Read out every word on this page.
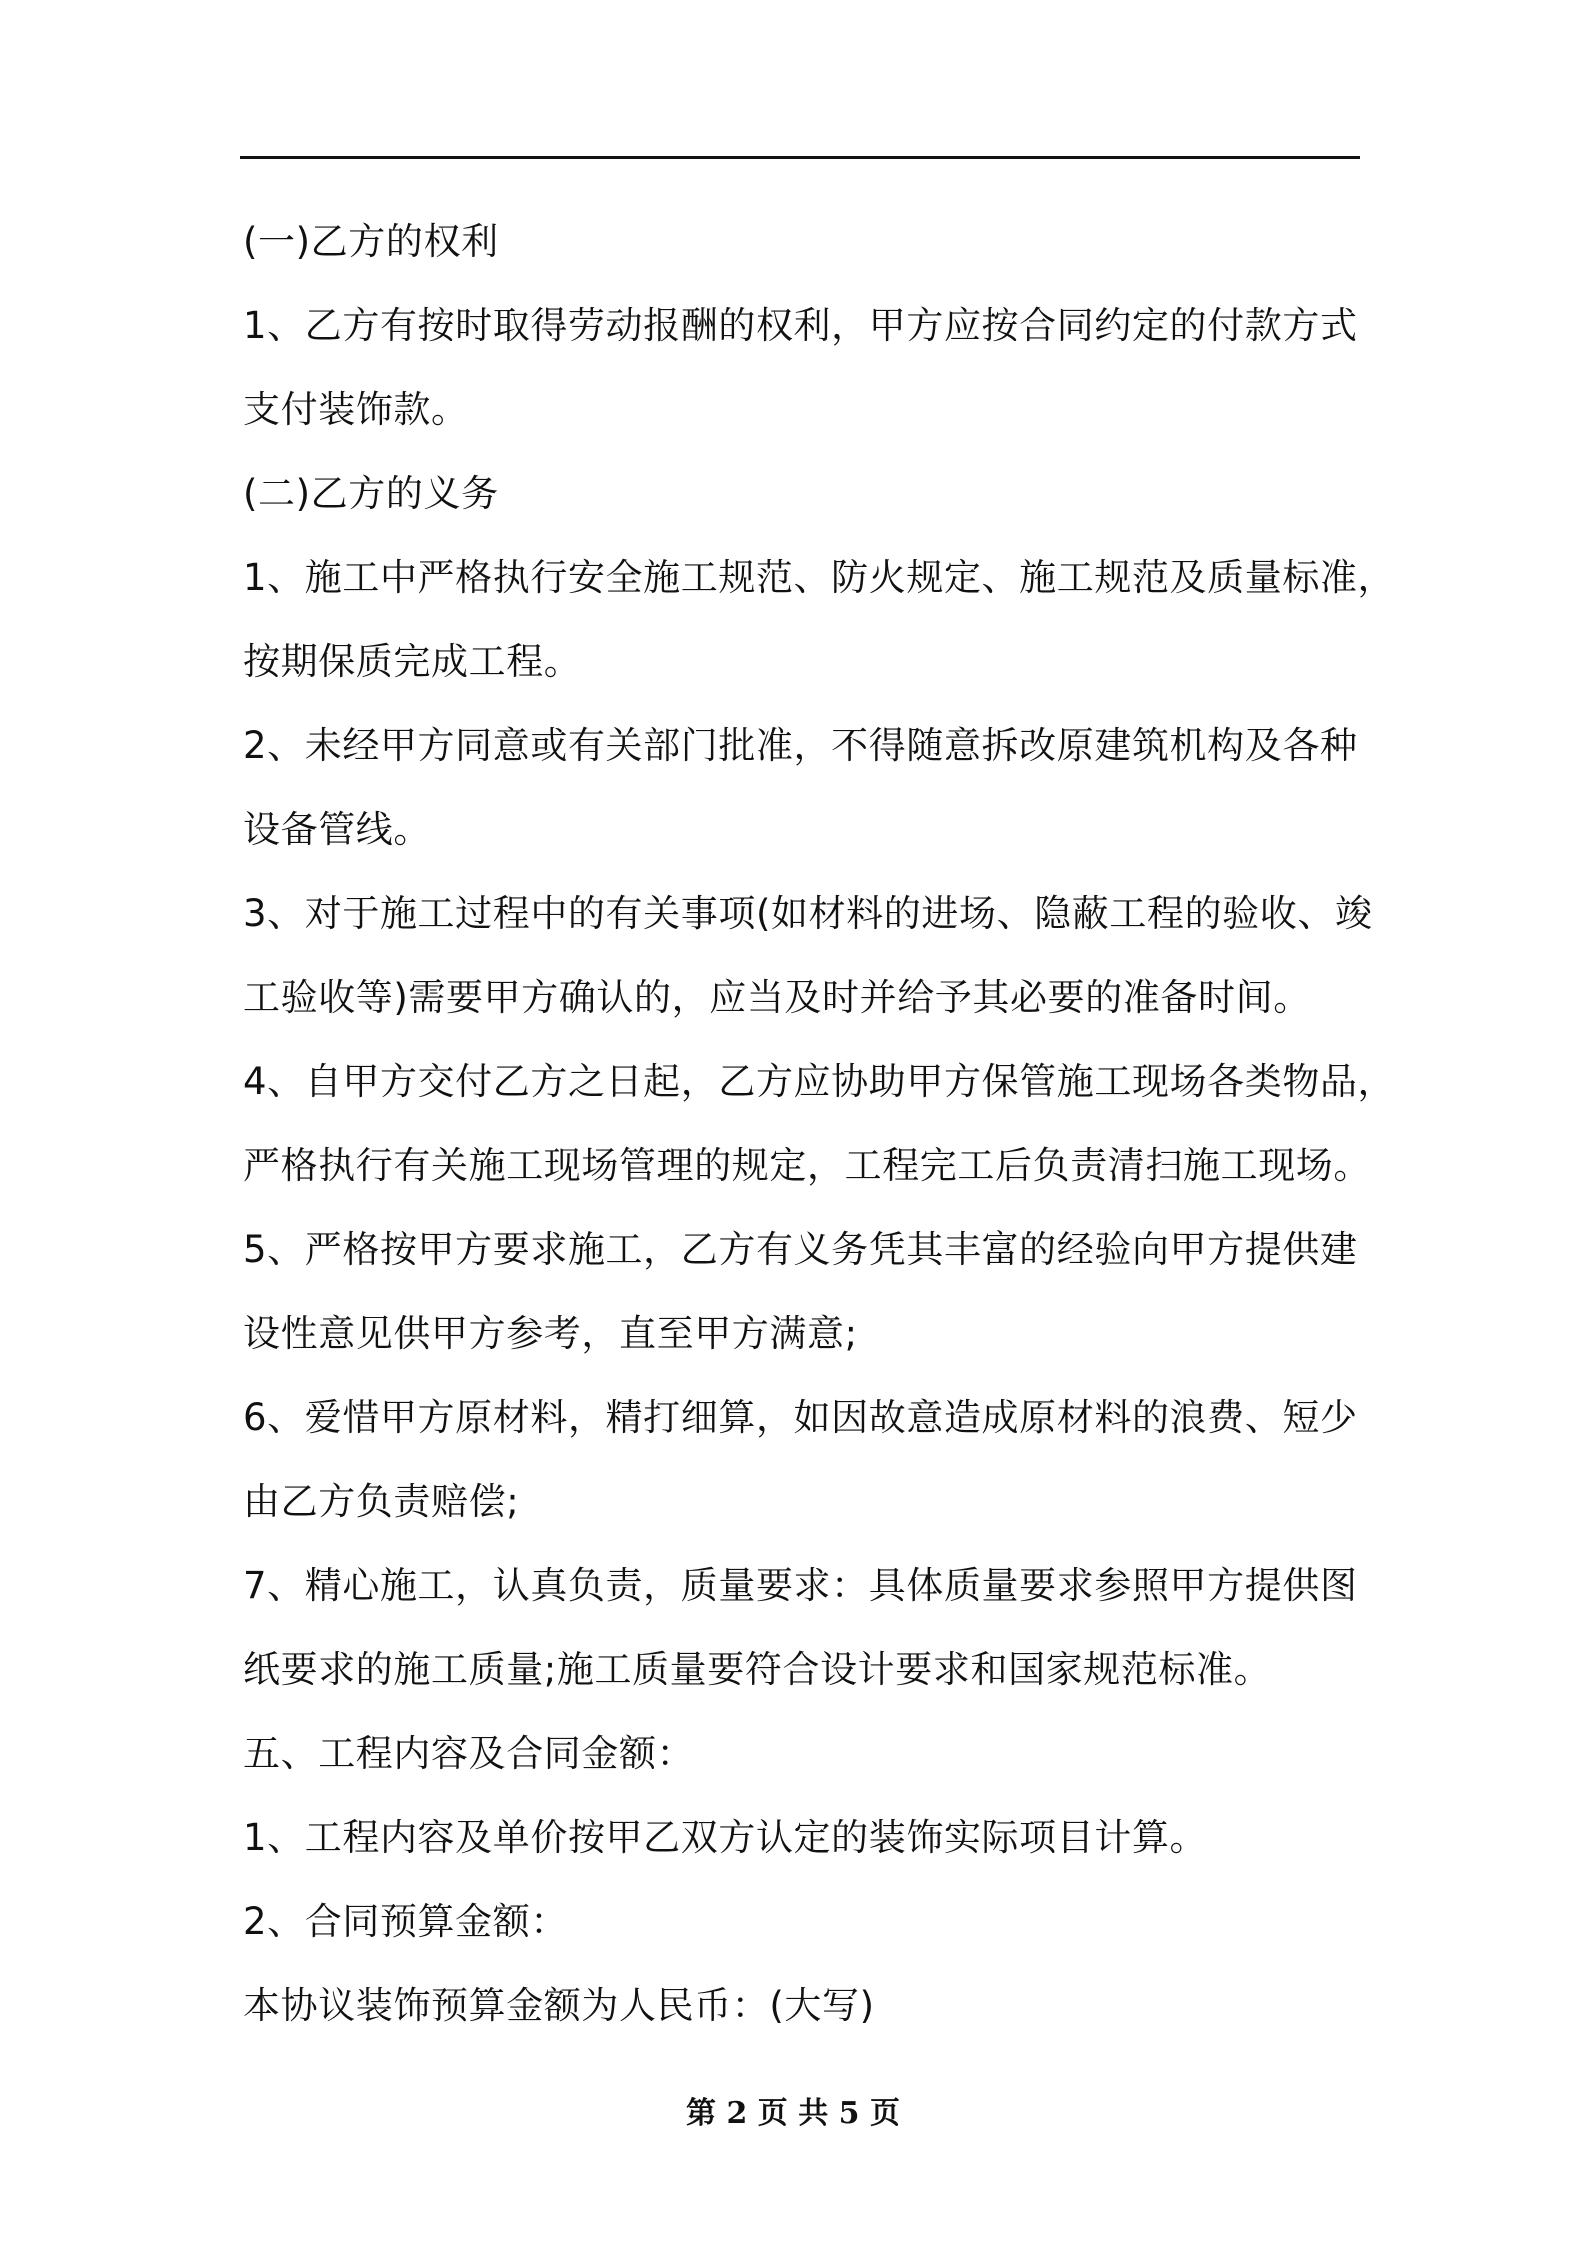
(一)乙方的权利

1、乙方有按时取得劳动报酬的权利，甲方应按合同约定的付款方式

支付装饰款。

(二)乙方的义务

1、施工中严格执行安全施工规范、防火规定、施工规范及质量标准，

按期保质完成工程。

2、未经甲方同意或有关部门批准，不得随意拆改原建筑机构及各种

设备管线。

3、对于施工过程中的有关事项(如材料的进场、隐蔽工程的验收、竣

工验收等)需要甲方确认的，应当及时并给予其必要的准备时间。

4、自甲方交付乙方之日起，乙方应协助甲方保管施工现场各类物品，

严格执行有关施工现场管理的规定，工程完工后负责清扫施工现场。

5、严格按甲方要求施工，乙方有义务凭其丰富的经验向甲方提供建

设性意见供甲方参考，直至甲方满意;

6、爱惜甲方原材料，精打细算，如因故意造成原材料的浪费、短少

由乙方负责赔偿;

7、精心施工，认真负责，质量要求：具体质量要求参照甲方提供图

纸要求的施工质量;施工质量要符合设计要求和国家规范标准。

五、工程内容及合同金额：

1、工程内容及单价按甲乙双方认定的装饰实际项目计算。

2、合同预算金额：

本协议装饰预算金额为人民币：(大写)

第 2 页 共 5 页
